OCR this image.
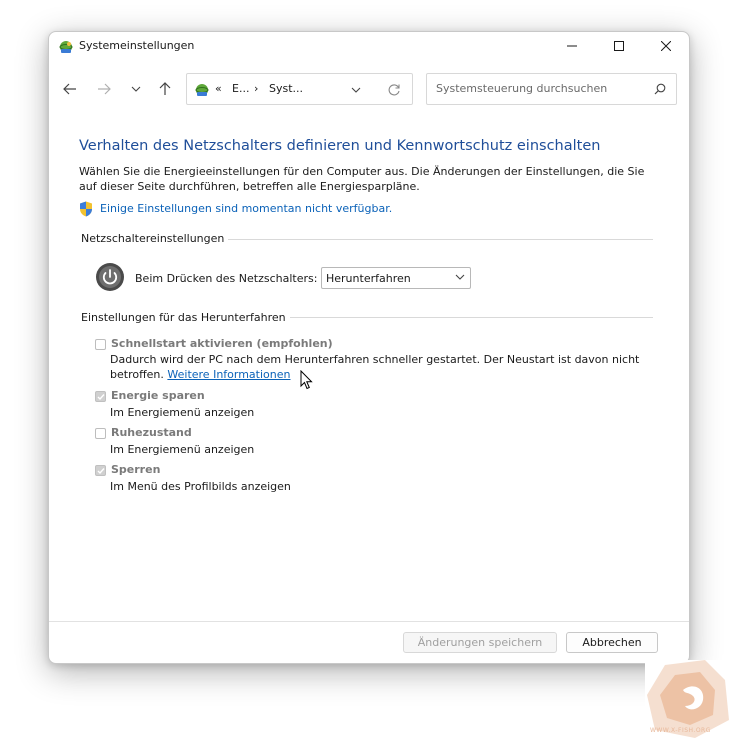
Systemeinstellungen
« E... › Syst...	Systemsteuerung durchsuchen
Verhalten des Netzschalters definieren und Kennwortschutz einschalten
Wählen Sie die Energieeinstellungen für den Computer aus. Die Änderungen der Einstellungen, die Sie auf dieser Seite durchführen, betreffen alle Energiesparpläne.
Einige Einstellungen sind momentan nicht verfügbar.
Netzschaltereinstellungen
Beim Drücken des Netzschalters: Herunterfahren
Einstellungen für das Herunterfahren
Schnellstart aktivieren (empfohlen)
Dadurch wird der PC nach dem Herunterfahren schneller gestartet. Der Neustart ist davon nicht
betroffen. Weitere Informationen
Energie sparen
Im Energiemenü anzeigen
Ruhezustand
Im Energiemenü anzeigen
Sperren
Im Menü des Profilbilds anzeigen
Änderungen speichern	Abbrechen
WWW.X-FISH.ORG
